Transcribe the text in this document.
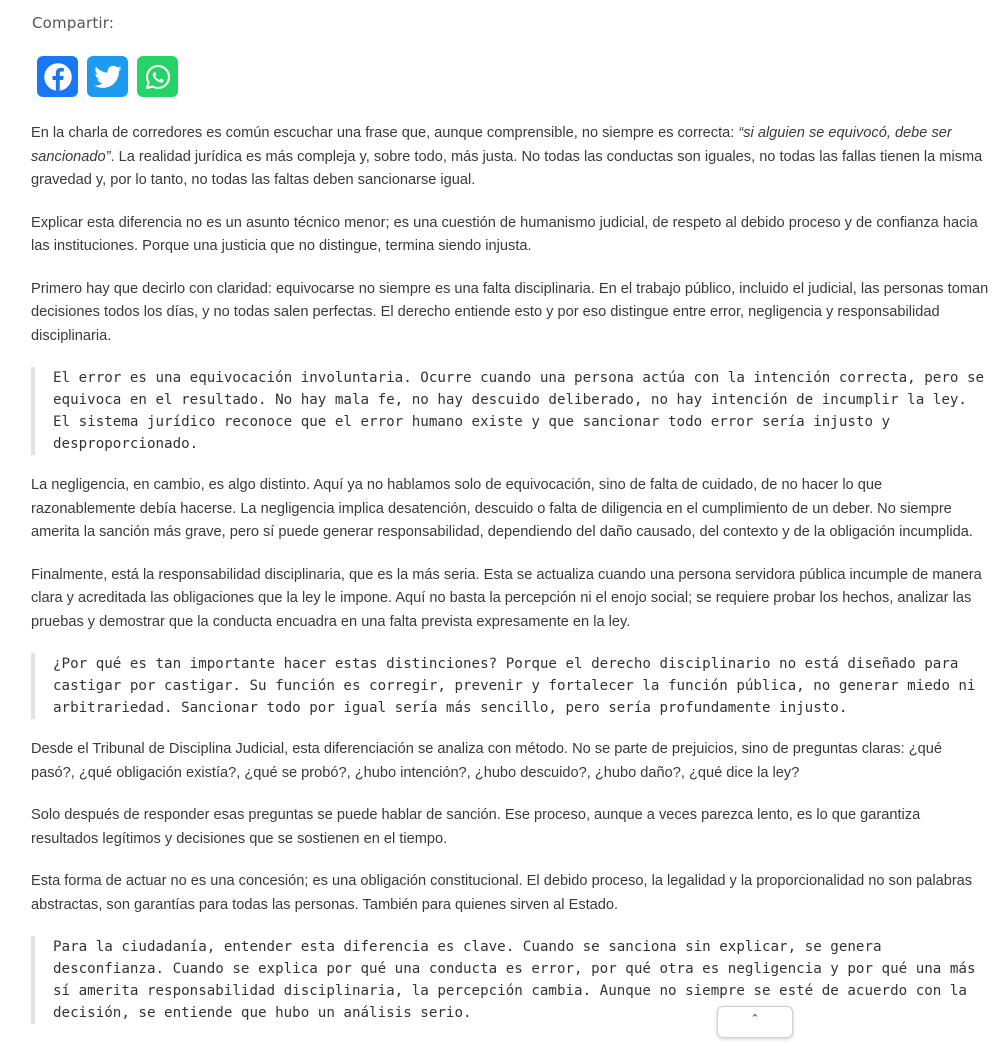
Compartir:

En la charla de corredores es común escuchar una frase que, aunque comprensible, no siempre es correcta: “si alguien se equivocó, debe ser sancionado”. La realidad jurídica es más compleja y, sobre todo, más justa. No todas las conductas son iguales, no todas las fallas tienen la misma gravedad y, por lo tanto, no todas las faltas deben sancionarse igual.

Explicar esta diferencia no es un asunto técnico menor; es una cuestión de humanismo judicial, de respeto al debido proceso y de confianza hacia las instituciones. Porque una justicia que no distingue, termina siendo injusta.

Primero hay que decirlo con claridad: equivocarse no siempre es una falta disciplinaria. En el trabajo público, incluido el judicial, las personas toman decisiones todos los días, y no todas salen perfectas. El derecho entiende esto y por eso distingue entre error, negligencia y responsabilidad disciplinaria.

El error es una equivocación involuntaria. Ocurre cuando una persona actúa con la intención correcta, pero se equivoca en el resultado. No hay mala fe, no hay descuido deliberado, no hay intención de incumplir la ley. El sistema jurídico reconoce que el error humano existe y que sancionar todo error sería injusto y desproporcionado.

La negligencia, en cambio, es algo distinto. Aquí ya no hablamos solo de equivocación, sino de falta de cuidado, de no hacer lo que razonablemente debía hacerse. La negligencia implica desatención, descuido o falta de diligencia en el cumplimiento de un deber. No siempre amerita la sanción más grave, pero sí puede generar responsabilidad, dependiendo del daño causado, del contexto y de la obligación incumplida.

Finalmente, está la responsabilidad disciplinaria, que es la más seria. Esta se actualiza cuando una persona servidora pública incumple de manera clara y acreditada las obligaciones que la ley le impone. Aquí no basta la percepción ni el enojo social; se requiere probar los hechos, analizar las pruebas y demostrar que la conducta encuadra en una falta prevista expresamente en la ley.

¿Por qué es tan importante hacer estas distinciones? Porque el derecho disciplinario no está diseñado para castigar por castigar. Su función es corregir, prevenir y fortalecer la función pública, no generar miedo ni arbitrariedad. Sancionar todo por igual sería más sencillo, pero sería profundamente injusto.

Desde el Tribunal de Disciplina Judicial, esta diferenciación se analiza con método. No se parte de prejuicios, sino de preguntas claras: ¿qué pasó?, ¿qué obligación existía?, ¿qué se probó?, ¿hubo intención?, ¿hubo descuido?, ¿hubo daño?, ¿qué dice la ley?

Solo después de responder esas preguntas se puede hablar de sanción. Ese proceso, aunque a veces parezca lento, es lo que garantiza resultados legítimos y decisiones que se sostienen en el tiempo.

Esta forma de actuar no es una concesión; es una obligación constitucional. El debido proceso, la legalidad y la proporcionalidad no son palabras abstractas, son garantías para todas las personas. También para quienes sirven al Estado.

Para la ciudadanía, entender esta diferencia es clave. Cuando se sanciona sin explicar, se genera desconfianza. Cuando se explica por qué una conducta es error, por qué otra es negligencia y por qué una más sí amerita responsabilidad disciplinaria, la percepción cambia. Aunque no siempre se esté de acuerdo con la decisión, se entiende que hubo un análisis serio.	⌃
